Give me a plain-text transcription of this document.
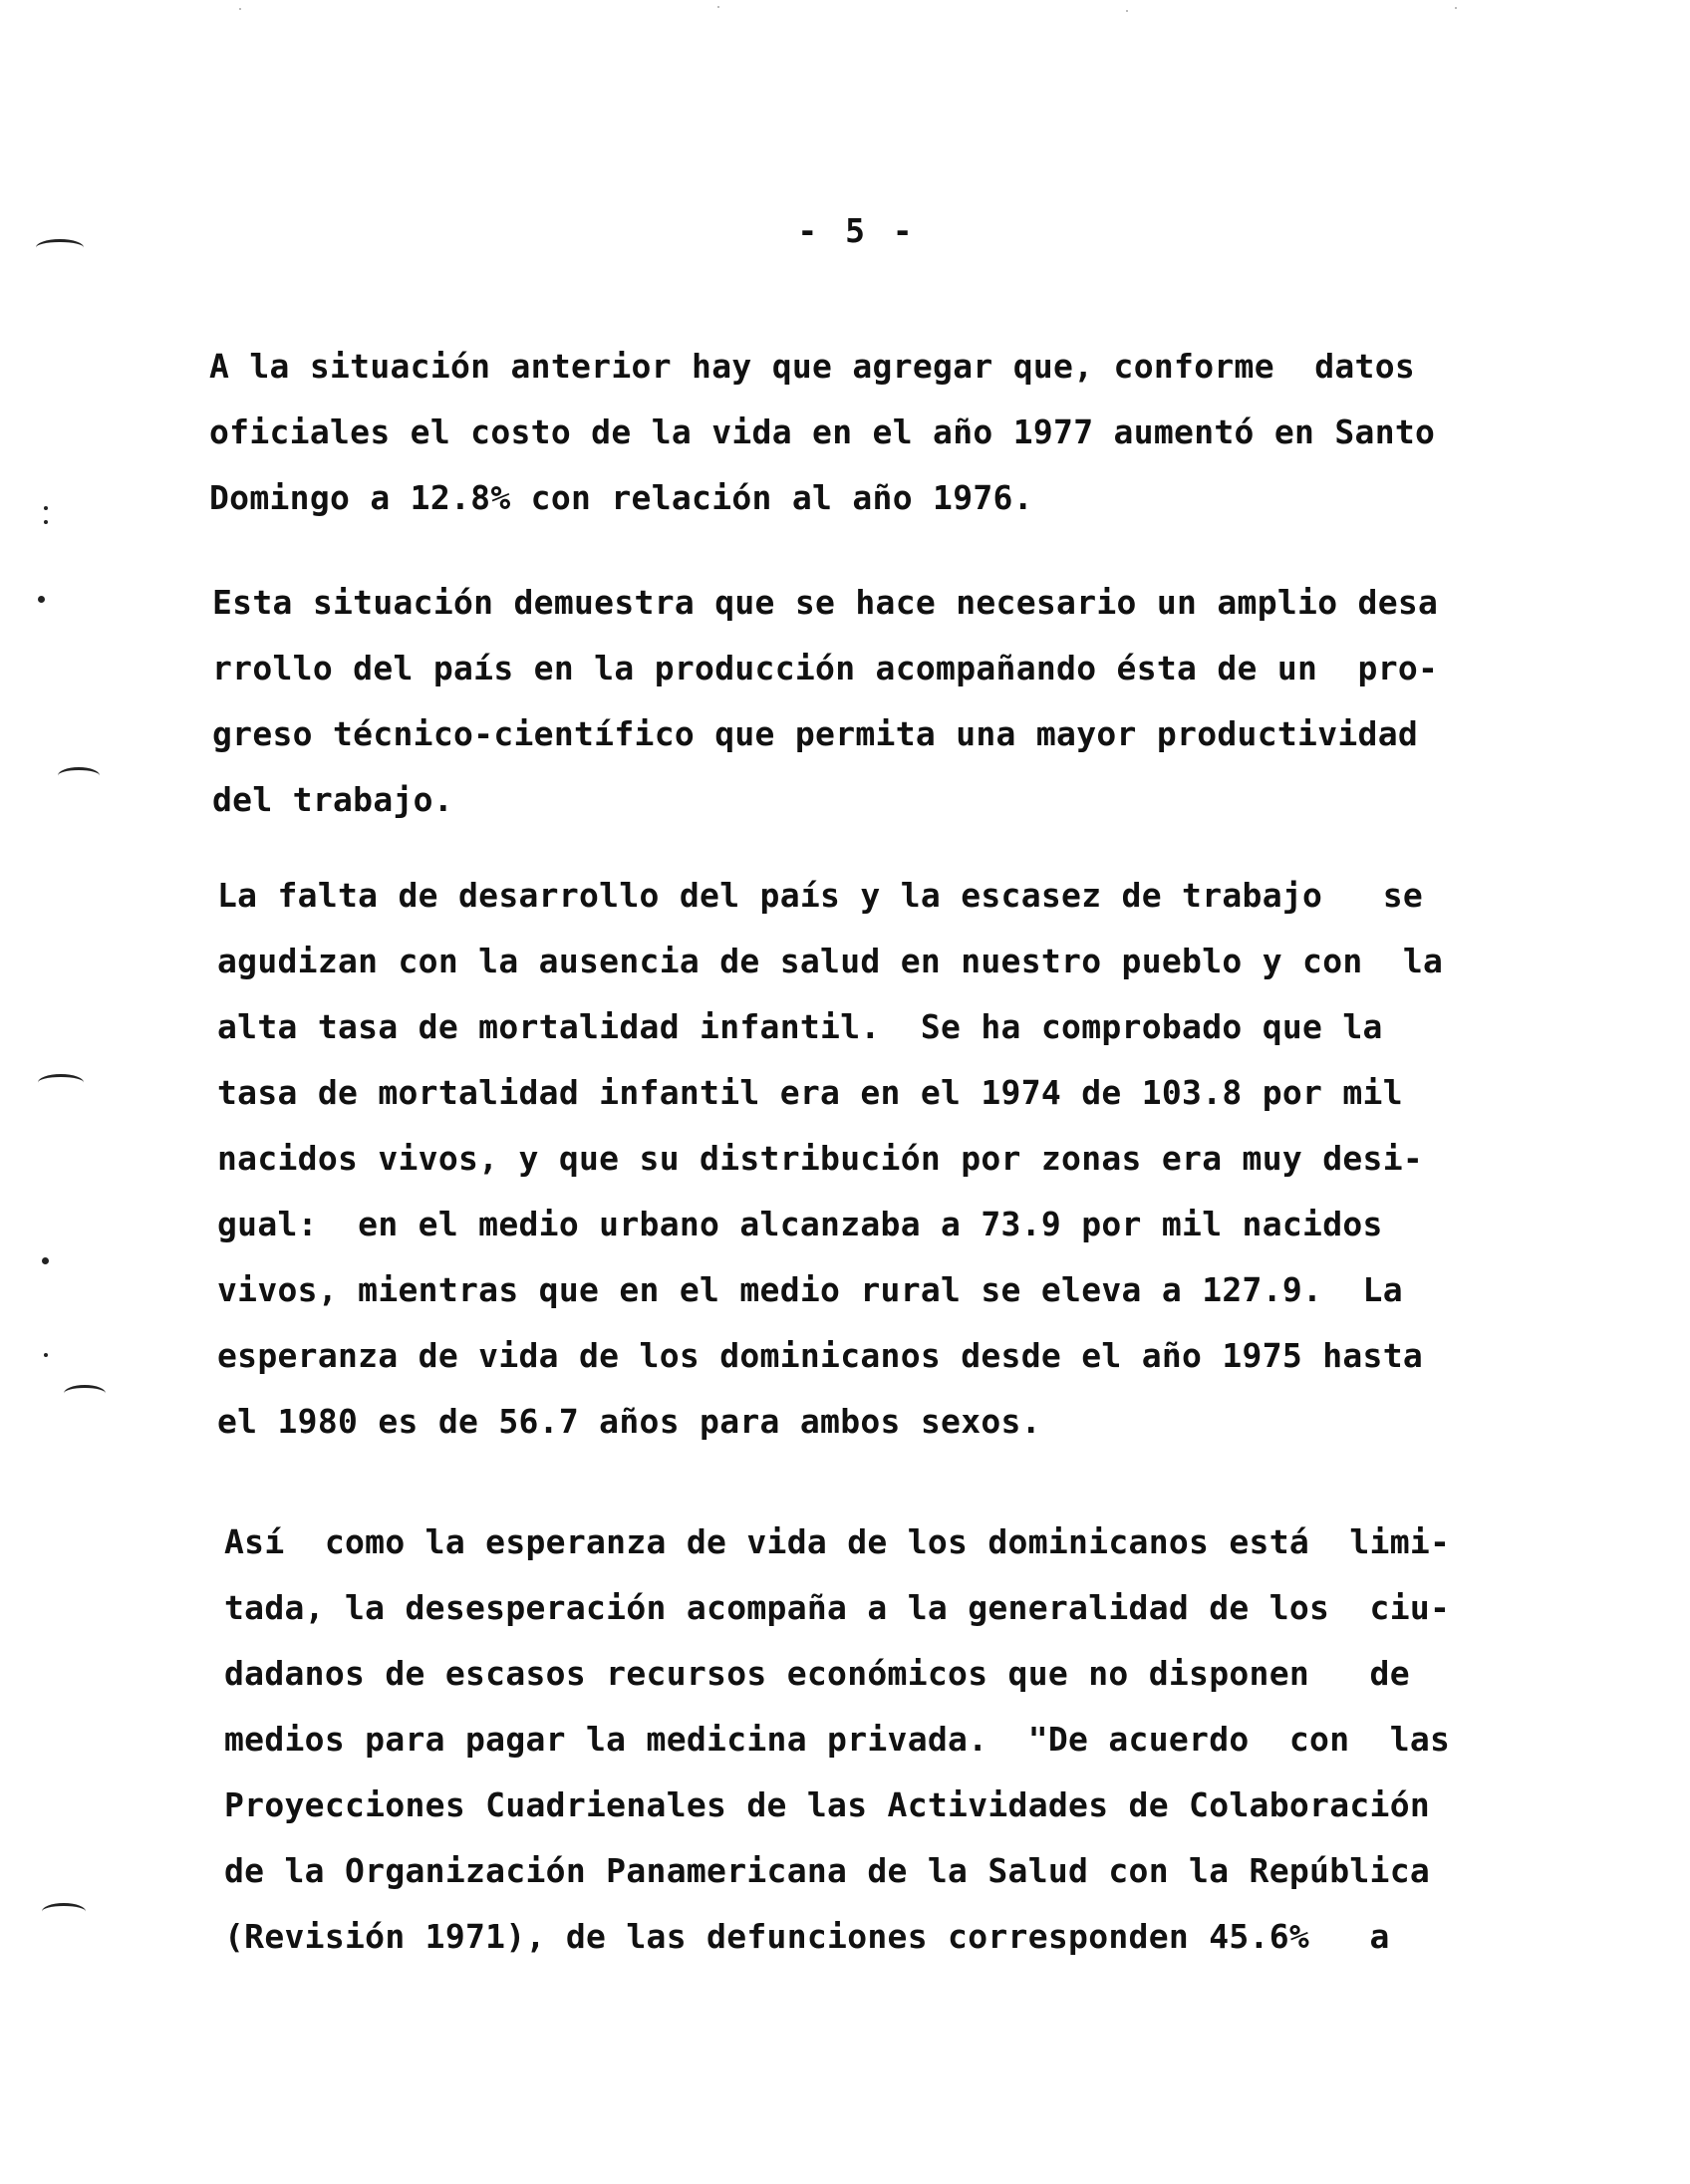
- 5 -

A la situación anterior hay que agregar que, conforme  datos
oficiales el costo de la vida en el año 1977 aumentó en Santo
Domingo a 12.8% con relación al año 1976.

Esta situación demuestra que se hace necesario un amplio desa
rrollo del país en la producción acompañando ésta de un  pro-
greso técnico-científico que permita una mayor productividad
del trabajo.

La falta de desarrollo del país y la escasez de trabajo   se
agudizan con la ausencia de salud en nuestro pueblo y con  la
alta tasa de mortalidad infantil.  Se ha comprobado que la
tasa de mortalidad infantil era en el 1974 de 103.8 por mil
nacidos vivos, y que su distribución por zonas era muy desi-
gual:  en el medio urbano alcanzaba a 73.9 por mil nacidos
vivos, mientras que en el medio rural se eleva a 127.9.  La
esperanza de vida de los dominicanos desde el año 1975 hasta
el 1980 es de 56.7 años para ambos sexos.

Así  como la esperanza de vida de los dominicanos está  limi-
tada, la desesperación acompaña a la generalidad de los  ciu-
dadanos de escasos recursos económicos que no disponen   de
medios para pagar la medicina privada.  "De acuerdo  con  las
Proyecciones Cuadrienales de las Actividades de Colaboración
de la Organización Panamericana de la Salud con la República
(Revisión 1971), de las defunciones corresponden 45.6%   a
